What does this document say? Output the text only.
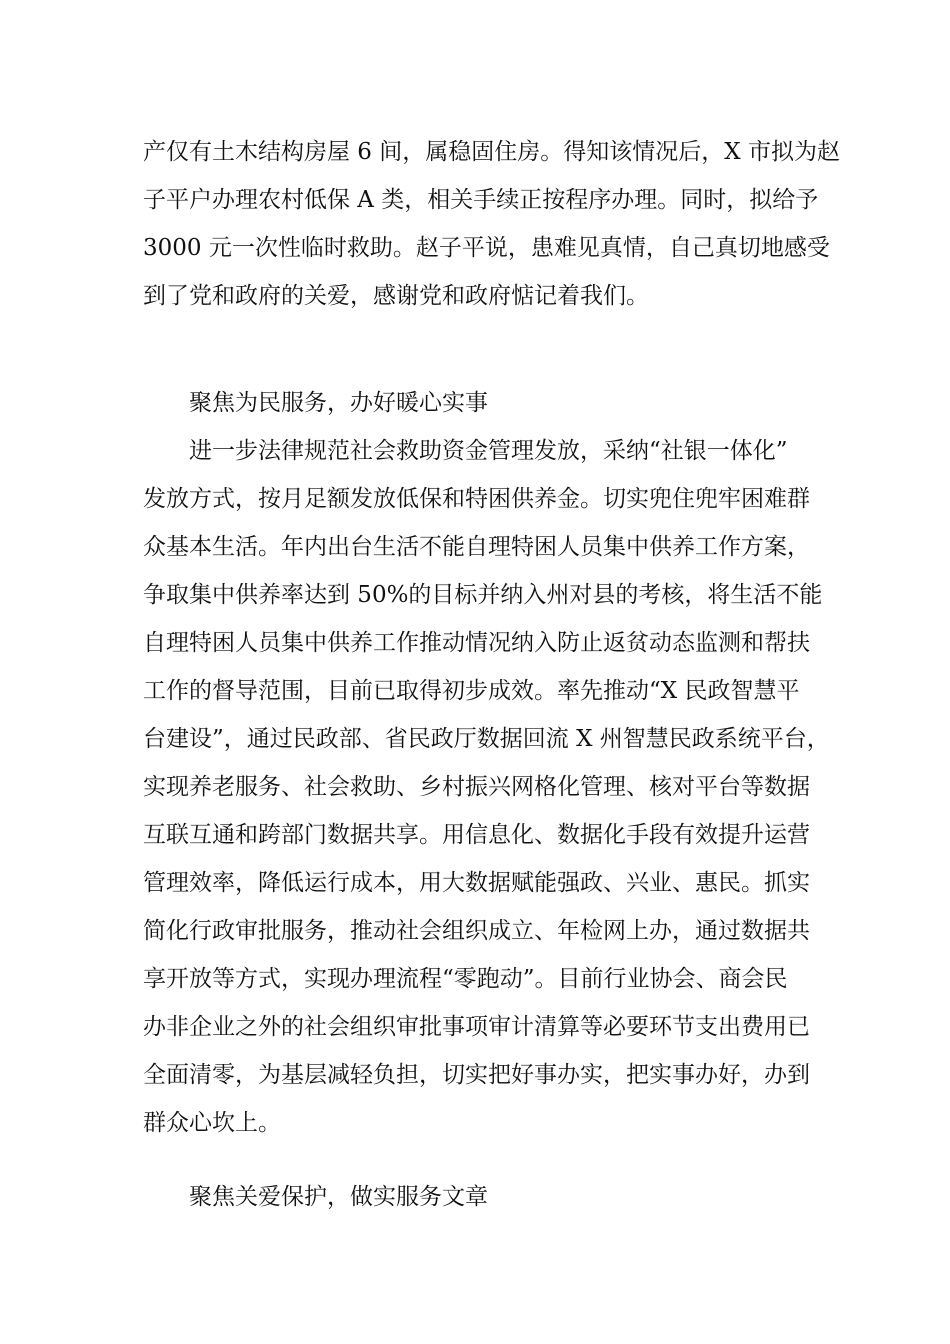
产仅有土木结构房屋 6 间，属稳固住房。得知该情况后，X 市拟为赵
子平户办理农村低保 A 类，相关手续正按程序办理。同时，拟给予
3000 元一次性临时救助。赵子平说，患难见真情，自己真切地感受
到了党和政府的关爱，感谢党和政府惦记着我们。
聚焦为民服务，办好暖心实事
进一步法律规范社会救助资金管理发放，采纳“社银一体化”
发放方式，按月足额发放低保和特困供养金。切实兜住兜牢困难群
众基本生活。年内出台生活不能自理特困人员集中供养工作方案，
争取集中供养率达到 50%的目标并纳入州对县的考核，将生活不能
自理特困人员集中供养工作推动情况纳入防止返贫动态监测和帮扶
工作的督导范围，目前已取得初步成效。率先推动“X 民政智慧平
台建设”，通过民政部、省民政厅数据回流 X 州智慧民政系统平台，
实现养老服务、社会救助、乡村振兴网格化管理、核对平台等数据
互联互通和跨部门数据共享。用信息化、数据化手段有效提升运营
管理效率，降低运行成本，用大数据赋能强政、兴业、惠民。抓实
简化行政审批服务，推动社会组织成立、年检网上办，通过数据共
享开放等方式，实现办理流程“零跑动”。目前行业协会、商会民
办非企业之外的社会组织审批事项审计清算等必要环节支出费用已
全面清零，为基层减轻负担，切实把好事办实，把实事办好，办到
群众心坎上。
聚焦关爱保护，做实服务文章
